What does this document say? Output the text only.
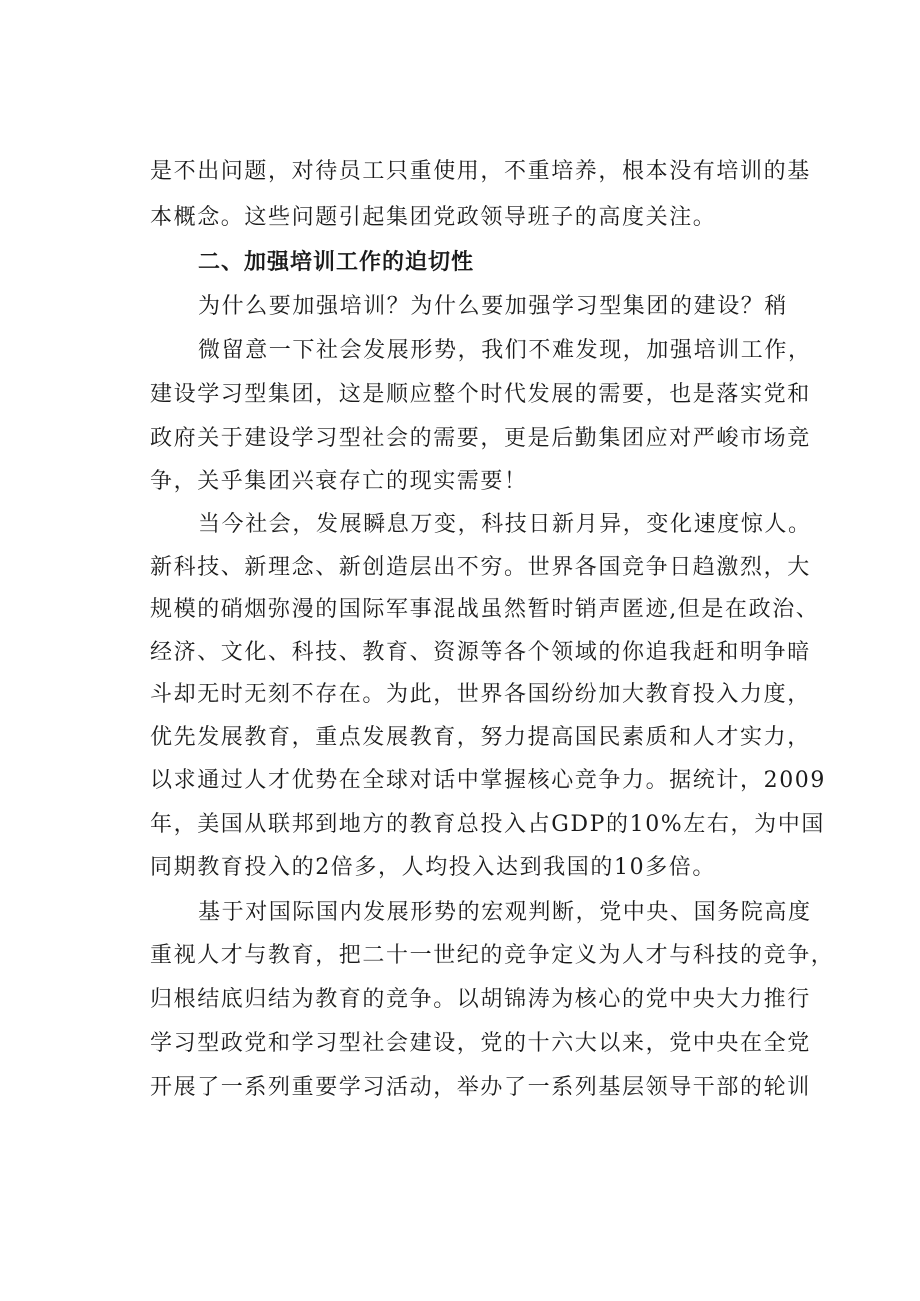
是不出问题，对待员工只重使用，不重培养，根本没有培训的基
本概念。这些问题引起集团党政领导班子的高度关注。
二、加强培训工作的迫切性
为什么要加强培训？为什么要加强学习型集团的建设？稍
微留意一下社会发展形势，我们不难发现，加强培训工作，
建设学习型集团，这是顺应整个时代发展的需要，也是落实党和
政府关于建设学习型社会的需要，更是后勤集团应对严峻市场竞
争，关乎集团兴衰存亡的现实需要！
当今社会，发展瞬息万变，科技日新月异，变化速度惊人。
新科技、新理念、新创造层出不穷。世界各国竞争日趋激烈，大
规模的硝烟弥漫的国际军事混战虽然暂时销声匿迹,但是在政治、
经济、文化、科技、教育、资源等各个领域的你追我赶和明争暗
斗却无时无刻不存在。为此，世界各国纷纷加大教育投入力度，
优先发展教育，重点发展教育，努力提高国民素质和人才实力，
以求通过人才优势在全球对话中掌握核心竞争力。据统计，2009
年，美国从联邦到地方的教育总投入占GDP的10%左右，为中国
同期教育投入的2倍多，人均投入达到我国的10多倍。
基于对国际国内发展形势的宏观判断，党中央、国务院高度
重视人才与教育，把二十一世纪的竞争定义为人才与科技的竞争，
归根结底归结为教育的竞争。以胡锦涛为核心的党中央大力推行
学习型政党和学习型社会建设，党的十六大以来，党中央在全党
开展了一系列重要学习活动，举办了一系列基层领导干部的轮训
